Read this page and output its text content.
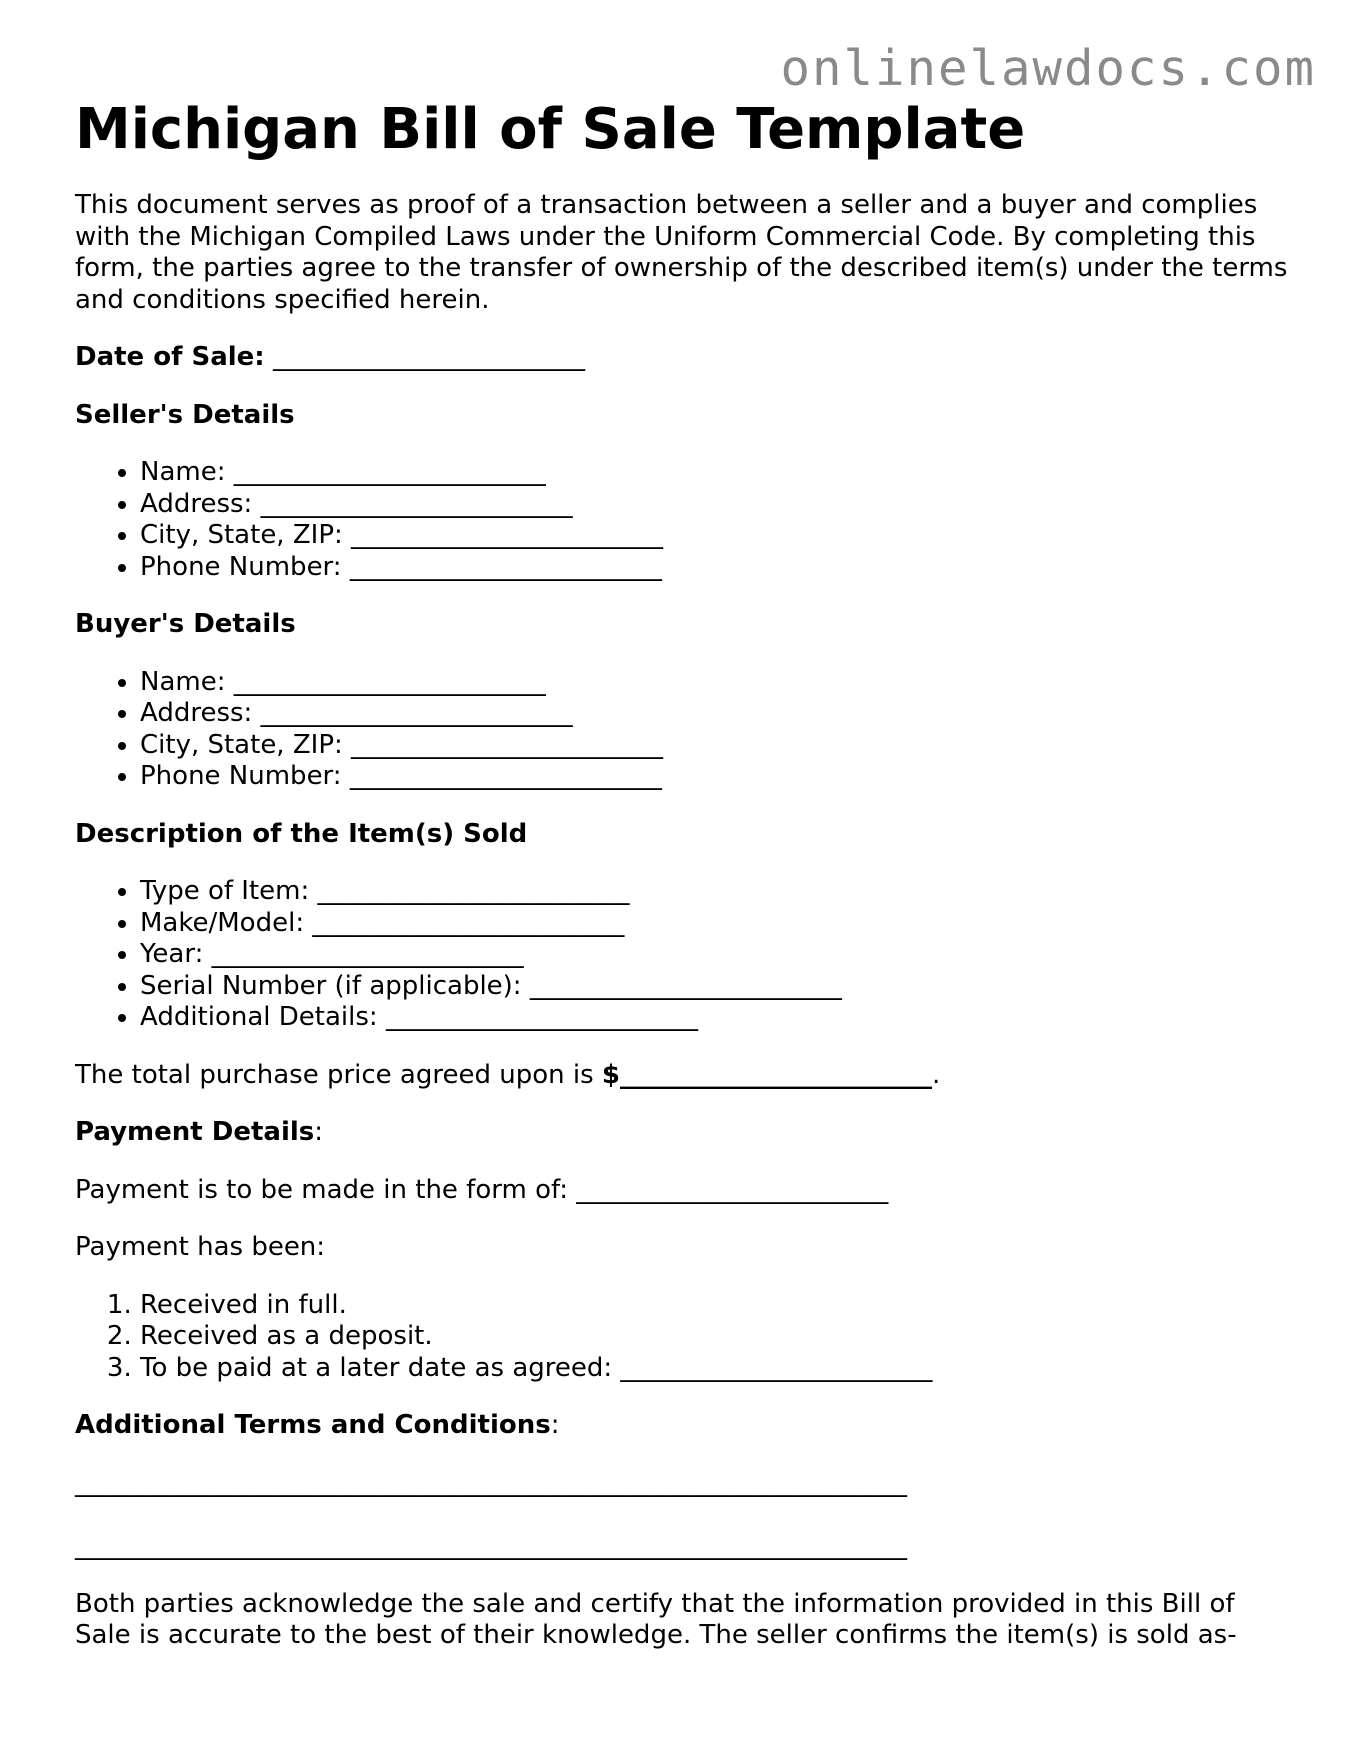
onlinelawdocs.com
Michigan Bill of Sale Template

This document serves as proof of a transaction between a seller and a buyer and complies with the Michigan Compiled Laws under the Uniform Commercial Code. By completing this form, the parties agree to the transfer of ownership of the described item(s) under the terms and conditions specified herein.

Date of Sale: ________________________

Seller's Details

• Name: ________________________
• Address: ________________________
• City, State, ZIP: ________________________
• Phone Number: ________________________

Buyer's Details

• Name: ________________________
• Address: ________________________
• City, State, ZIP: ________________________
• Phone Number: ________________________

Description of the Item(s) Sold

• Type of Item: ________________________
• Make/Model: ________________________
• Year: ________________________
• Serial Number (if applicable): ________________________
• Additional Details: ________________________

The total purchase price agreed upon is $________________________.

Payment Details:

Payment is to be made in the form of: ________________________

Payment has been:

1. Received in full.
2. Received as a deposit.
3. To be paid at a later date as agreed: ________________________

Additional Terms and Conditions:

________________________________________________________________

________________________________________________________________

Both parties acknowledge the sale and certify that the information provided in this Bill of Sale is accurate to the best of their knowledge. The seller confirms the item(s) is sold as-
